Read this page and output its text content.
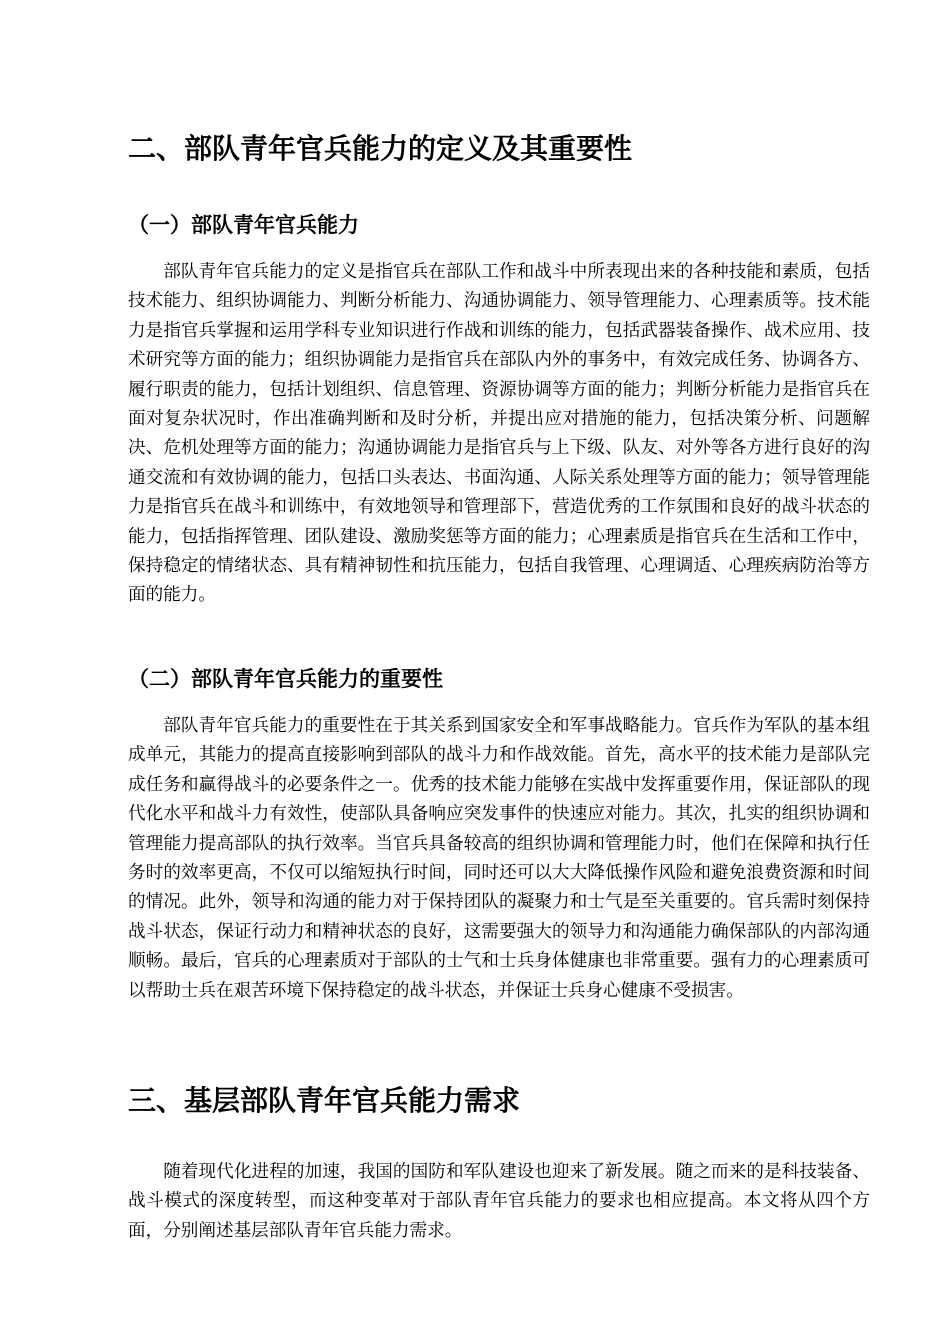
二、部队青年官兵能力的定义及其重要性
（一）部队青年官兵能力

部队青年官兵能力的定义是指官兵在部队工作和战斗中所表现出来的各种技能和素质，包括技术能力、组织协调能力、判断分析能力、沟通协调能力、领导管理能力、心理素质等。技术能力是指官兵掌握和运用学科专业知识进行作战和训练的能力，包括武器装备操作、战术应用、技术研究等方面的能力；组织协调能力是指官兵在部队内外的事务中，有效完成任务、协调各方、履行职责的能力，包括计划组织、信息管理、资源协调等方面的能力；判断分析能力是指官兵在面对复杂状况时，作出准确判断和及时分析，并提出应对措施的能力，包括决策分析、问题解决、危机处理等方面的能力；沟通协调能力是指官兵与上下级、队友、对外等各方进行良好的沟通交流和有效协调的能力，包括口头表达、书面沟通、人际关系处理等方面的能力；领导管理能力是指官兵在战斗和训练中，有效地领导和管理部下，营造优秀的工作氛围和良好的战斗状态的能力，包括指挥管理、团队建设、激励奖惩等方面的能力；心理素质是指官兵在生活和工作中，保持稳定的情绪状态、具有精神韧性和抗压能力，包括自我管理、心理调适、心理疾病防治等方面的能力。

（二）部队青年官兵能力的重要性

部队青年官兵能力的重要性在于其关系到国家安全和军事战略能力。官兵作为军队的基本组成单元，其能力的提高直接影响到部队的战斗力和作战效能。首先，高水平的技术能力是部队完成任务和赢得战斗的必要条件之一。优秀的技术能力能够在实战中发挥重要作用，保证部队的现代化水平和战斗力有效性，使部队具备响应突发事件的快速应对能力。其次，扎实的组织协调和管理能力提高部队的执行效率。当官兵具备较高的组织协调和管理能力时，他们在保障和执行任务时的效率更高，不仅可以缩短执行时间，同时还可以大大降低操作风险和避免浪费资源和时间的情况。此外，领导和沟通的能力对于保持团队的凝聚力和士气是至关重要的。官兵需时刻保持战斗状态，保证行动力和精神状态的良好，这需要强大的领导力和沟通能力确保部队的内部沟通顺畅。最后，官兵的心理素质对于部队的士气和士兵身体健康也非常重要。强有力的心理素质可以帮助士兵在艰苦环境下保持稳定的战斗状态，并保证士兵身心健康不受损害。

三、基层部队青年官兵能力需求

随着现代化进程的加速，我国的国防和军队建设也迎来了新发展。随之而来的是科技装备、战斗模式的深度转型，而这种变革对于部队青年官兵能力的要求也相应提高。本文将从四个方面，分别阐述基层部队青年官兵能力需求。
